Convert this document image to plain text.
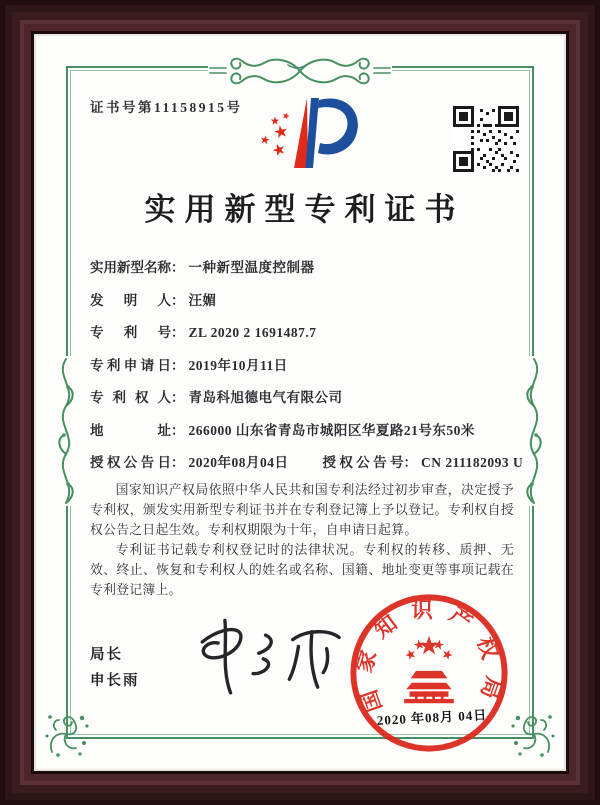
证书号第11158915号
实用新型专利证书
实用新型名称 ： 一种新型温度控制器
发明人 ： 汪媚
专利号 ： ZL 2020 2 1691487.7
专利申请日 ： 2019年10月11日
专利权人 ： 青岛科旭德电气有限公司
地址 ： 266000 山东省青岛市城阳区华夏路21号东50米
授权公告日 ： 2020年08月04日	授权公告号 ： CN 211182093 U

国家知识产权局依照中华人民共和国专利法经过初步审查，决定授予专利权，颁发实用新型专利证书并在专利登记簿上予以登记。专利权自授权公告之日起生效。专利权期限为十年，自申请日起算。

专利证书记载专利权登记时的法律状况。专利权的转移、质押、无效、终止、恢复和专利权人的姓名或名称、国籍、地址变更等事项记载在专利登记簿上。

局长
申长雨	国家知识产权局
2020 年08月 04日
